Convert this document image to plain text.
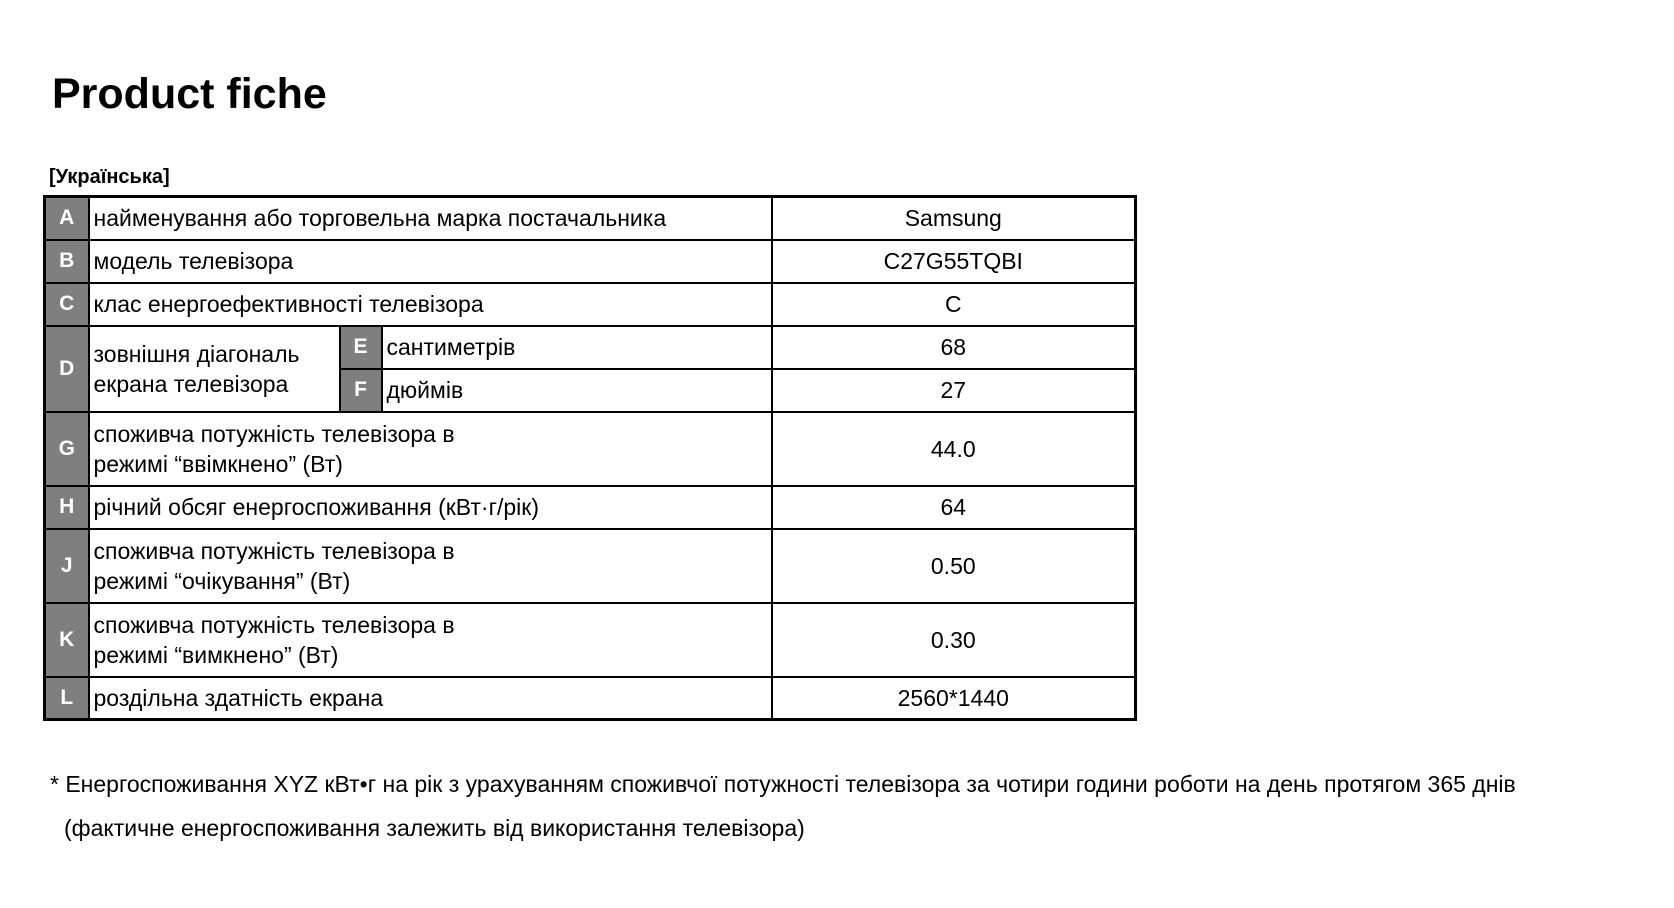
Product fiche
[Українська]
A	найменування або торговельна марка постачальника			Samsung
B	модель телевізора			C27G55TQBI
C	клас енергоефективності телевізора			C
D	зовнішня діагональ екрана телевізора	E	сантиметрів	68
		F	дюймів	27
G	споживча потужність телевізора в режимі “ввімкнено” (Вт)			44.0
H	річний обсяг енергоспоживання (кВт·г/рік)			64
J	споживча потужність телевізора в режимі “очікування” (Вт)			0.50
K	споживча потужність телевізора в режимі “вимкнено” (Вт)			0.30
L	роздільна здатність екрана			2560*1440
* Енергоспоживання XYZ кВт•г на рік з урахуванням споживчої потужності телевізора за чотири години роботи на день протягом 365 днів
(фактичне енергоспоживання залежить від використання телевізора)
